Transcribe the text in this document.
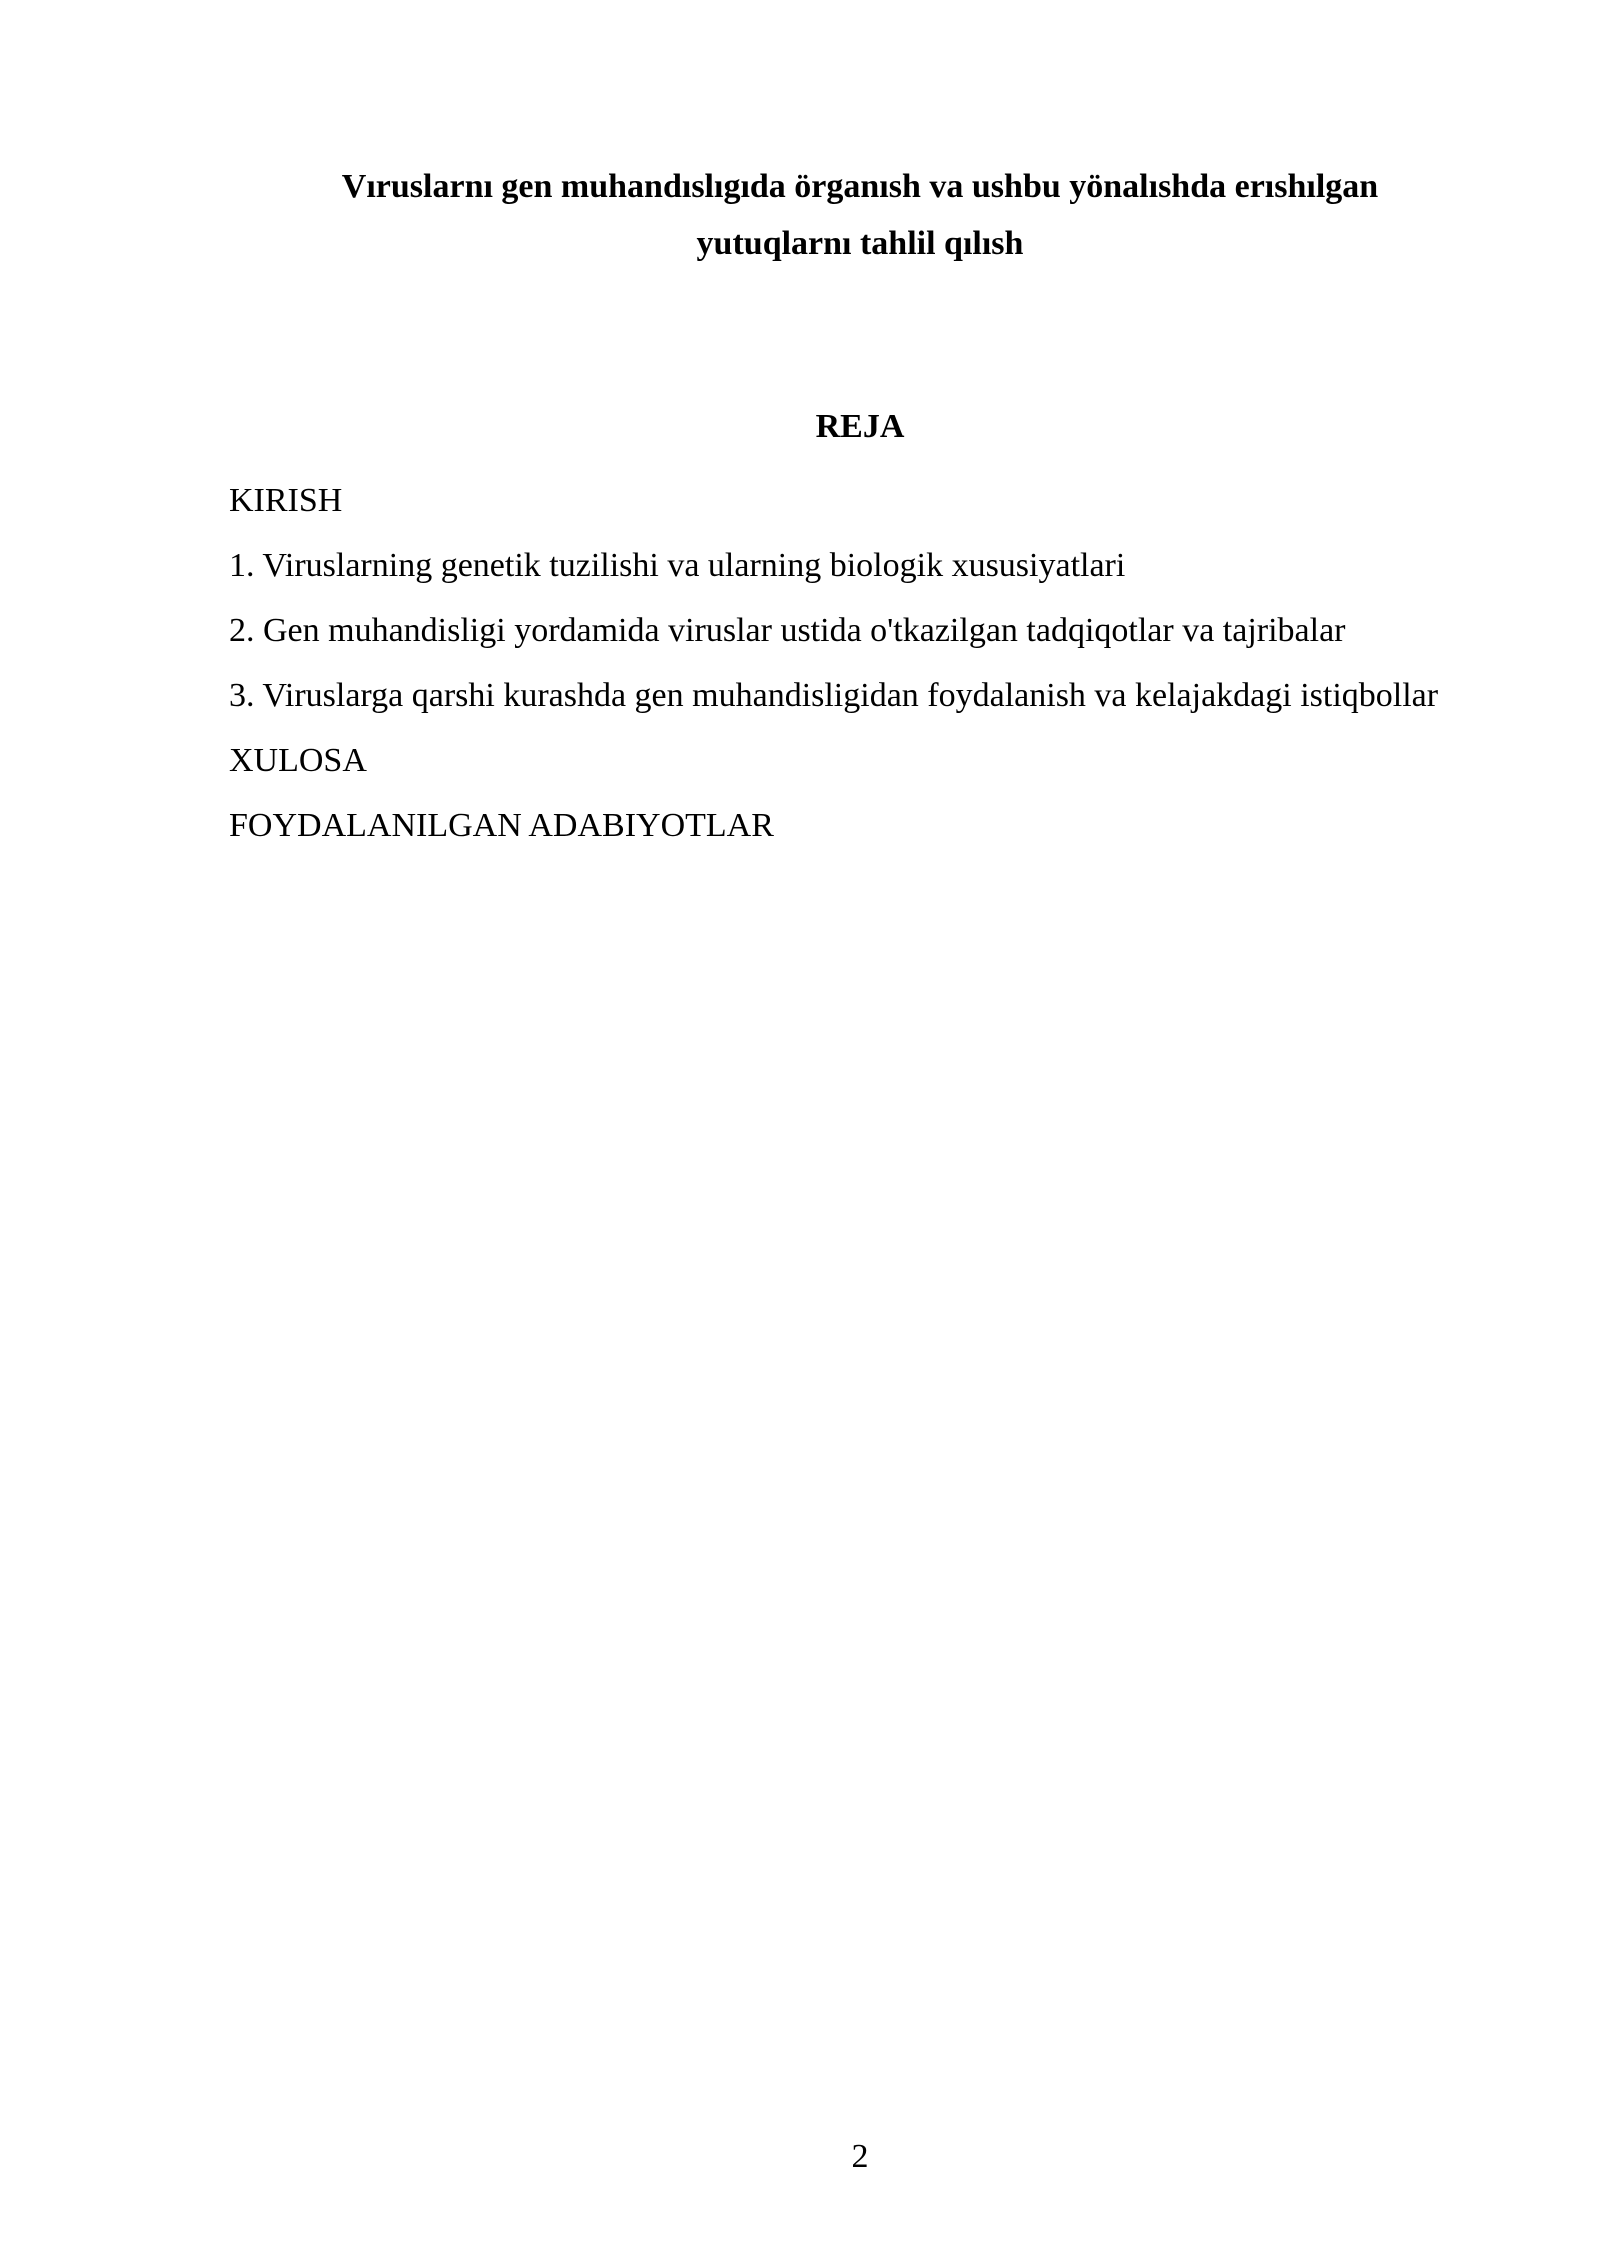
Vıruslarnı gen muhandıslıgıda örganısh va ushbu yönalıshda erıshılgan
yutuqlarnı tahlil qılısh
REJA
KIRISH
1. Viruslarning genetik tuzilishi va ularning biologik xususiyatlari
2. Gen muhandisligi yordamida viruslar ustida o'tkazilgan tadqiqotlar va tajribalar
3. Viruslarga qarshi kurashda gen muhandisligidan foydalanish va kelajakdagi istiqbollar
XULOSA
FOYDALANILGAN ADABIYOTLAR
2
